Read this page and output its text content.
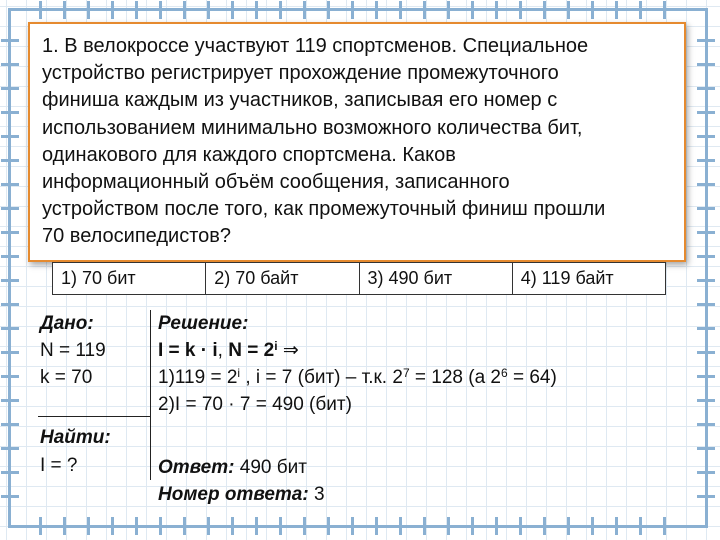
1. В велокроссе участвуют 119 спортсменов. Специальное
устройство регистрирует прохождение промежуточного
финиша каждым из участников, записывая его номер с
использованием минимально возможного количества бит,
одинакового для каждого спортсмена. Каков
информационный объём сообщения, записанного
устройством после того, как промежуточный финиш прошли
70 велосипедистов?
1) 70 бит	2) 70 байт	3) 490 бит	4) 119 байт
Дано:
N = 119
k = 70
Найти:
I = ?
Решение:
I = k · i, $N = 2^i$ ⇒
$1)119 = 2^i$ , i = 7 (бит) – т.к. $2^7 = 128$ (а $2^6 = 64$)
2)I = 70 · 7 = 490 (бит)
Ответ: 490 бит
Номер ответа: 3
